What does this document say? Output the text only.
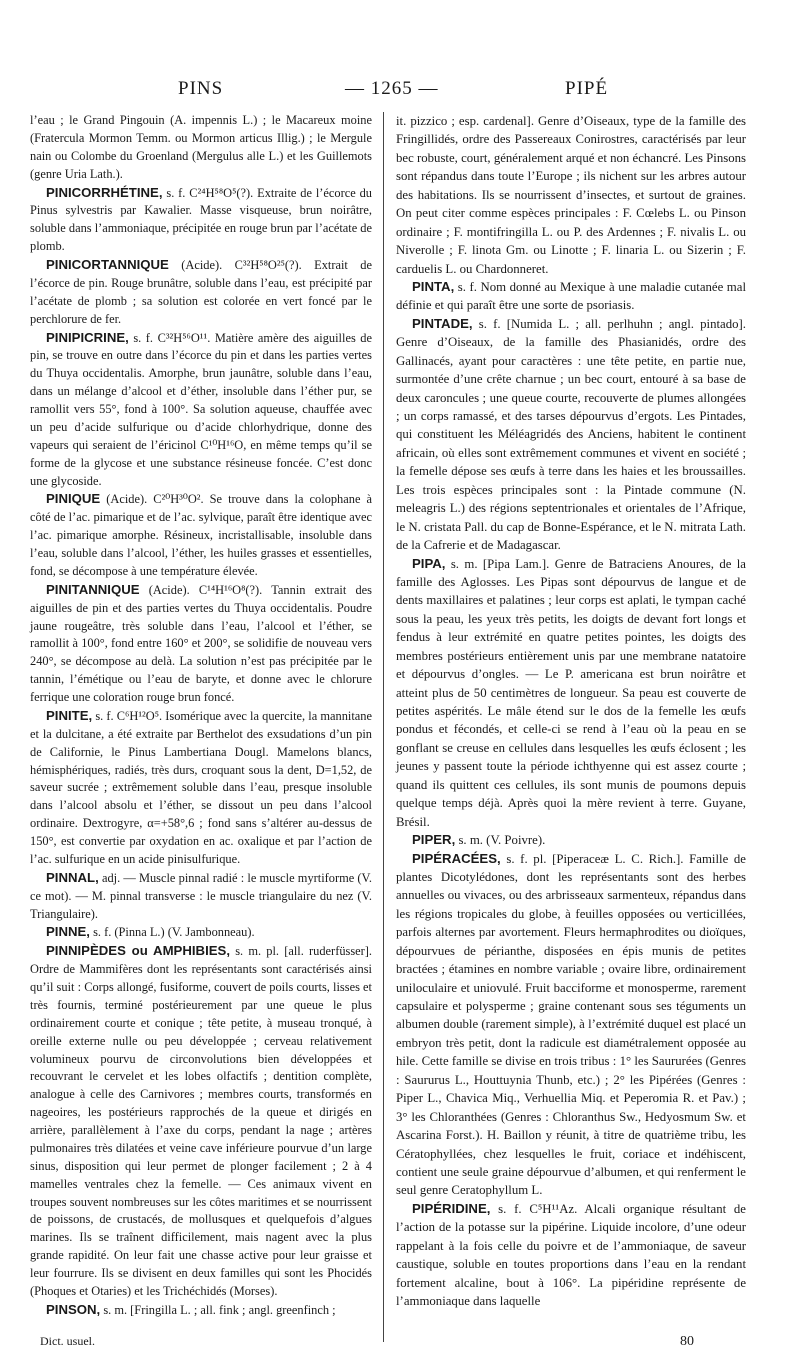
PINS	— 1265 —	PIPÉ

l’eau ; le Grand Pingouin (A. impennis L.) ; le Macareux moine (Fratercula Mormon Temm. ou Mormon articus Illig.) ; le Mergule nain ou Colombe du Groenland (Mergulus alle L.) et les Guillemots (genre Uria Lath.).

PINICORRHÉTINE, s. f. C²⁴H⁵⁸O⁵(?). Extraite de l’écorce du Pinus sylvestris par Kawalier. Masse visqueuse, brun noirâtre, soluble dans l’ammoniaque, précipitée en rouge brun par l’acétate de plomb.

PINICORTANNIQUE (Acide). C³²H⁵⁸O²⁵(?). Extrait de l’écorce de pin. Rouge brunâtre, soluble dans l’eau, est précipité par l’acétate de plomb ; sa solution est colorée en vert foncé par le perchlorure de fer.

PINIPICRINE, s. f. C³²H⁵⁶O¹¹. Matière amère des aiguilles de pin, se trouve en outre dans l’écorce du pin et dans les parties vertes du Thuya occidentalis. Amorphe, brun jaunâtre, soluble dans l’eau, dans un mélange d’alcool et d’éther, insoluble dans l’éther pur, se ramollit vers 55°, fond à 100°. Sa solution aqueuse, chauffée avec un peu d’acide sulfurique ou d’acide chlorhydrique, donne des vapeurs qui seraient de l’éricinol C¹⁰H¹⁶O, en même temps qu’il se forme de la glycose et une substance résineuse foncée. C’est donc une glycoside.

PINIQUE (Acide). C²⁰H³⁰O². Se trouve dans la colophane à côté de l’ac. pimarique et de l’ac. sylvique, paraît être identique avec l’ac. pimarique amorphe. Résineux, incristallisable, insoluble dans l’eau, soluble dans l’alcool, l’éther, les huiles grasses et essentielles, fond, se décompose à une température élevée.

PINITANNIQUE (Acide). C¹⁴H¹⁶O⁸(?). Tannin extrait des aiguilles de pin et des parties vertes du Thuya occidentalis. Poudre jaune rougeâtre, très soluble dans l’eau, l’alcool et l’éther, se ramollit à 100°, fond entre 160° et 200°, se solidifie de nouveau vers 240°, se décompose au delà. La solution n’est pas précipitée par le tannin, l’émétique ou l’eau de baryte, et donne avec le chlorure ferrique une coloration rouge brun foncé.

PINITE, s. f. C⁶H¹²O⁵. Isomérique avec la quercite, la mannitane et la dulcitane, a été extraite par Berthelot des exsudations d’un pin de Californie, le Pinus Lambertiana Dougl. Mamelons blancs, hémisphériques, radiés, très durs, croquant sous la dent, D=1,52, de saveur sucrée ; extrêmement soluble dans l’eau, presque insoluble dans l’alcool absolu et l’éther, se dissout un peu dans l’alcool ordinaire. Dextrogyre, α=+58°,6 ; fond sans s’altérer au-dessus de 150°, est convertie par oxydation en ac. oxalique et par l’action de l’ac. sulfurique en un acide pinisulfurique.

PINNAL, adj. — Muscle pinnal radié : le muscle myrtiforme (V. ce mot). — M. pinnal transverse : le muscle triangulaire du nez (V. Triangulaire).

PINNE, s. f. (Pinna L.) (V. Jambonneau).

PINNIPÈDES ou AMPHIBIES, s. m. pl. [all. ruderfüsser]. Ordre de Mammifères dont les représentants sont caractérisés ainsi qu’il suit : Corps allongé, fusiforme, couvert de poils courts, lisses et très fournis, terminé postérieurement par une queue le plus ordinairement courte et conique ; tête petite, à museau tronqué, à oreille externe nulle ou peu développée ; cerveau relativement volumineux pourvu de circonvolutions bien développées et recouvrant le cervelet et les lobes olfactifs ; dentition complète, analogue à celle des Carnivores ; membres courts, transformés en nageoires, les postérieurs rapprochés de la queue et dirigés en arrière, parallèlement à l’axe du corps, pendant la nage ; artères pulmonaires très dilatées et veine cave inférieure pourvue d’un large sinus, disposition qui leur permet de plonger facilement ; 2 à 4 mamelles ventrales chez la femelle. — Ces animaux vivent en troupes souvent nombreuses sur les côtes maritimes et se nourrissent de poissons, de crustacés, de mollusques et quelquefois d’algues marines. Ils se traînent difficilement, mais nagent avec la plus grande rapidité. On leur fait une chasse active pour leur graisse et leur fourrure. Ils se divisent en deux familles qui sont les Phocidés (Phoques et Otaries) et les Trichéchidés (Morses).

PINSON, s. m. [Fringilla L. ; all. fink ; angl. greenfinch ;

it. pizzico ; esp. cardenal]. Genre d’Oiseaux, type de la famille des Fringillidés, ordre des Passereaux Conirostres, caractérisés par leur bec robuste, court, généralement arqué et non échancré. Les Pinsons sont répandus dans toute l’Europe ; ils nichent sur les arbres autour des habitations. Ils se nourrissent d’insectes, et surtout de graines. On peut citer comme espèces principales : F. Cœlebs L. ou Pinson ordinaire ; F. montifringilla L. ou P. des Ardennes ; F. nivalis L. ou Niverolle ; F. linota Gm. ou Linotte ; F. linaria L. ou Sizerin ; F. carduelis L. ou Chardonneret.

PINTA, s. f. Nom donné au Mexique à une maladie cutanée mal définie et qui paraît être une sorte de psoriasis.

PINTADE, s. f. [Numida L. ; all. perlhuhn ; angl. pintado]. Genre d’Oiseaux, de la famille des Phasianidés, ordre des Gallinacés, ayant pour caractères : une tête petite, en partie nue, surmontée d’une crête charnue ; un bec court, entouré à sa base de deux caroncules ; une queue courte, recouverte de plumes allongées ; un corps ramassé, et des tarses dépourvus d’ergots. Les Pintades, qui constituent les Méléagridés des Anciens, habitent le continent africain, où elles sont extrêmement communes et vivent en société ; la femelle dépose ses œufs à terre dans les haies et les broussailles. Les trois espèces principales sont : la Pintade commune (N. meleagris L.) des régions septentrionales et orientales de l’Afrique, le N. cristata Pall. du cap de Bonne-Espérance, et le N. mitrata Lath. de la Cafrerie et de Madagascar.

PIPA, s. m. [Pipa Lam.]. Genre de Batraciens Anoures, de la famille des Aglosses. Les Pipas sont dépourvus de langue et de dents maxillaires et palatines ; leur corps est aplati, le tympan caché sous la peau, les yeux très petits, les doigts de devant fort longs et fendus à leur extrémité en quatre petites pointes, les doigts des membres postérieurs entièrement unis par une membrane natatoire et dépourvus d’ongles. — Le P. americana est brun noirâtre et atteint plus de 50 centimètres de longueur. Sa peau est couverte de petites aspérités. Le mâle étend sur le dos de la femelle les œufs pondus et fécondés, et celle-ci se rend à l’eau où la peau en se gonflant se creuse en cellules dans lesquelles les œufs éclosent ; les jeunes y passent toute la période ichthyenne qui est assez courte ; quand ils quittent ces cellules, ils sont munis de poumons depuis quelque temps déjà. Après quoi la mère revient à terre. Guyane, Brésil.

PIPER, s. m. (V. Poivre).

PIPÉRACÉES, s. f. pl. [Piperaceæ L. C. Rich.]. Famille de plantes Dicotylédones, dont les représentants sont des herbes annuelles ou vivaces, ou des arbrisseaux sarmenteux, répandus dans les régions tropicales du globe, à feuilles opposées ou verticillées, parfois alternes par avortement. Fleurs hermaphrodites ou dioïques, dépourvues de périanthe, disposées en épis munis de petites bractées ; étamines en nombre variable ; ovaire libre, ordinairement uniloculaire et uniovulé. Fruit bacciforme et monosperme, rarement capsulaire et polysperme ; graine contenant sous ses téguments un albumen double (rarement simple), à l’extrémité duquel est placé un embryon très petit, dont la radicule est diamétralement opposée au hile. Cette famille se divise en trois tribus : 1° les Saururées (Genres : Saururus L., Houttuynia Thunb, etc.) ; 2° les Pipérées (Genres : Piper L., Chavica Miq., Verhuellia Miq. et Peperomia R. et Pav.) ; 3° les Chloranthées (Genres : Chloranthus Sw., Hedyosmum Sw. et Ascarina Forst.). H. Baillon y réunit, à titre de quatrième tribu, les Cératophyllées, chez lesquelles le fruit, coriace et indéhiscent, contient une seule graine dépourvue d’albumen, et qui renferment le seul genre Ceratophyllum L.

PIPÉRIDINE, s. f. C⁵H¹¹Az. Alcali organique résultant de l’action de la potasse sur la pipérine. Liquide incolore, d’une odeur rappelant à la fois celle du poivre et de l’ammoniaque, de saveur caustique, soluble en toutes proportions dans l’eau en la rendant fortement alcaline, bout à 106°. La pipéridine représente de l’ammoniaque dans laquelle

Dict. usuel.	80
